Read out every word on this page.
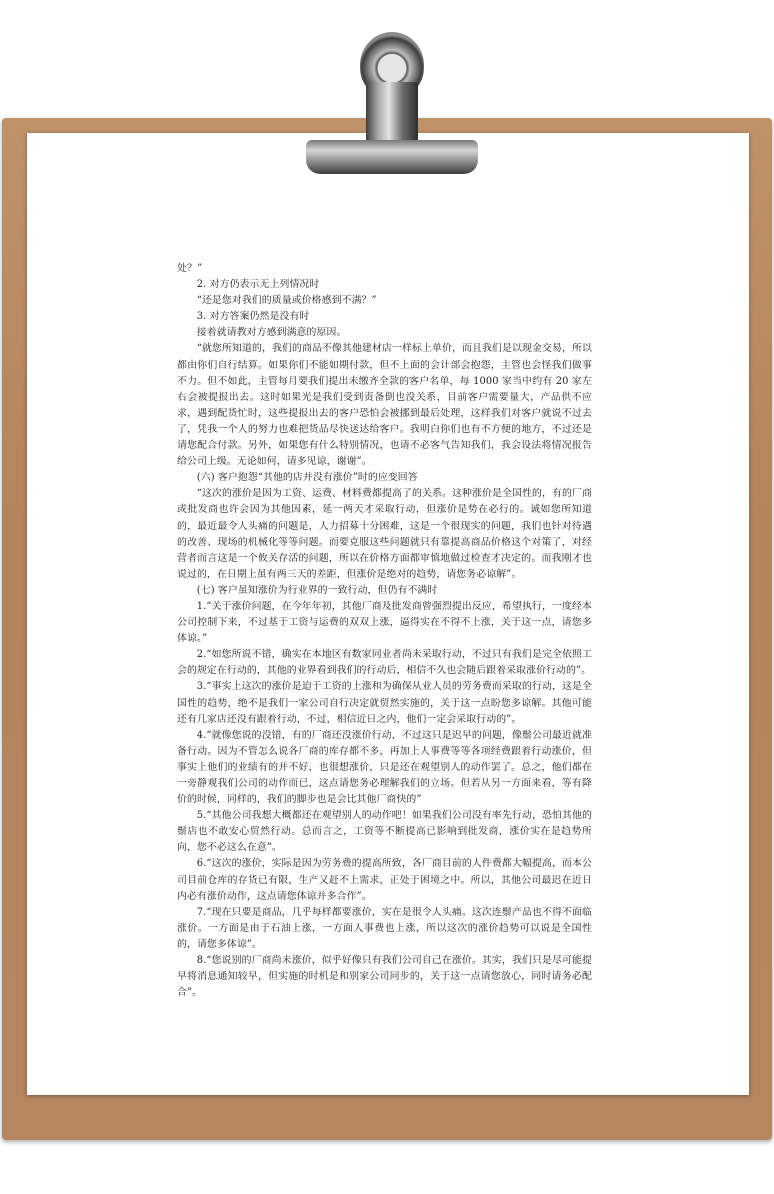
处？”

2. 对方仍表示无上列情况时

“还是您对我们的质量或价格感到不满？”

3. 对方答案仍然是没有时

接着就请教对方感到满意的原因。

“就您所知道的，我们的商品不像其他建材店一样标上单价，而且我们是以现金交易，所以都由你们自行结算。如果你们不能如期付款，但不上面的会计部会抱怨，主管也会怪我们做事不力。但不如此，主管每月要我们提出未缴齐全款的客户名单，每 1000 家当中约有 20 家左右会被提报出去。这时如果光是我们受到责备倒也没关系，目前客户需要量大，产品供不应求，遇到配货忙时，这些提报出去的客户恐怕会被挪到最后处理，这样我们对客户就说不过去了，凭我一个人的努力也难把货品尽快送达给客户。我明白你们也有不方便的地方，不过还是请您配合付款。另外，如果您有什么特别情况，也请不必客气告知我们，我会设法将情况报告给公司上级。无论如何，请多见谅，谢谢”。

(六) 客户抱怨“其他的店并没有涨价”时的应变回答

“这次的涨价是因为工资、运费、材料费都提高了的关系。这种涨价是全国性的，有的厂商或批发商也许会因为其他因素，延一两天才采取行动，但涨价是势在必行的。诚如您所知道的，最近最令人头痛的问题是，人力招募十分困难，这是一个很现实的问题，我们也针对待遇的改善、现场的机械化等等问题。而要克服这些问题就只有靠提高商品价格这个对策了，对经营者而言这是一个攸关存活的问题，所以在价格方面都审慎地做过检查才决定的。而我刚才也说过的，在日期上虽有两三天的差距，但涨价是绝对的趋势，请您务必谅解”。

(七) 客户虽知涨价为行业界的一致行动，但仍有不满时

1.“关于涨价问题，在今年年初，其他厂商及批发商曾强烈提出反应，希望执行，一度经本公司控制下来，不过基于工资与运费的双双上涨，逼得实在不得不上涨，关于这一点，请您多体谅。”

2.“如您所说不错，确实在本地区有数家同业者尚未采取行动，不过只有我们是完全依照工会的规定在行动的，其他的业界看到我们的行动后，相信不久也会随后跟着采取涨价行动的”。

3.“事实上这次的涨价是迫于工资的上涨和为确保从业人员的劳务费而采取的行动，这是全国性的趋势，绝不是我们一家公司自行决定就贸然实施的，关于这一点盼您多谅解。其他可能还有几家店还没有跟着行动，不过，相信近日之内，他们一定会采取行动的”。

4.“就像您说的没错，有的厂商还没涨价行动，不过这只是迟早的问题，像鬃公司最近就准备行动。因为不管怎么说各厂商的库存都不多，再加上人事费等等各项经费跟着行动涨价，但事实上他们的业绩有的并不好，也很想涨价，只是还在观望别人的动作罢了。总之，他们都在一旁静观我们公司的动作而已，这点请您务必理解我们的立场。但若从另一方面来看，等有降价的时候，同样的，我们的脚步也是会比其他厂商快的”

5.“其他公司我想大概都还在观望别人的动作吧！如果我们公司没有率先行动，恐怕其他的鬃店也不敢安心贸然行动。总而言之，工资等不断提高已影响到批发商，涨价实在是趋势所向，您不必这么在意”。

6.“这次的涨价，实际是因为劳务费的提高所致，各厂商目前的人件费都大幅提高，而本公司目前仓库的存货已有限，生产又赶不上需求，正处于困境之中。所以，其他公司最迟在近日内必有涨价动作，这点请您体谅并多合作”。

7.“现在只要是商品，几乎每样都要涨价，实在是很令人头痛。这次连鬃产品也不得不面临涨价。一方面是由于石油上涨，一方面人事费也上涨，所以这次的涨价趋势可以说是全国性的，请您多体谅”。

8.“您说别的厂商尚未涨价，似乎好像只有我们公司自己在涨价。其实，我们只是尽可能提早将消息通知较早，但实施的时机是和别家公司同步的，关于这一点请您放心，同时请务必配合”。
